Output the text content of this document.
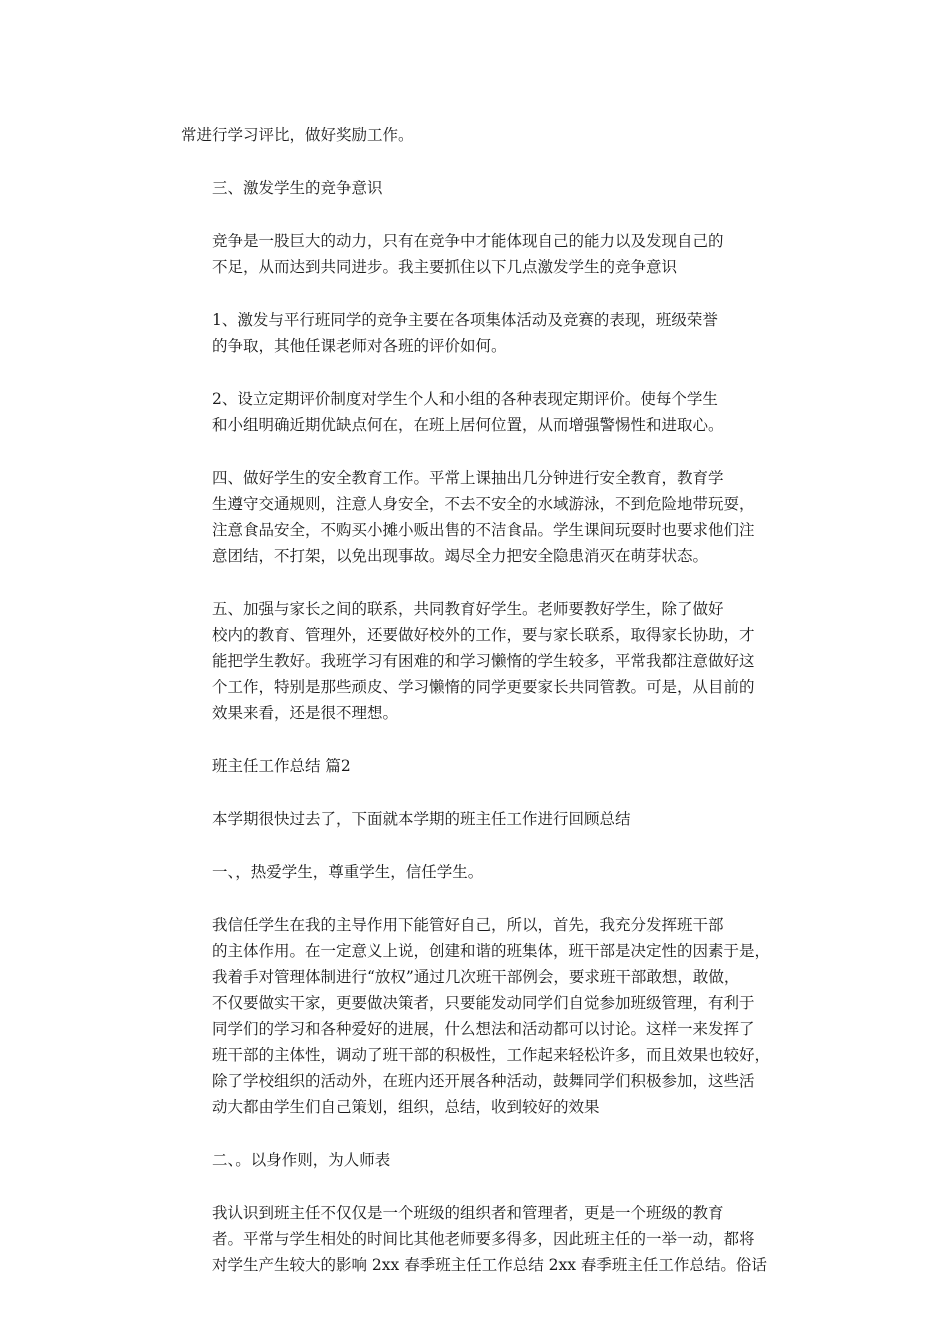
常进行学习评比，做好奖励工作。

三、激发学生的竞争意识

竞争是一股巨大的动力，只有在竞争中才能体现自己的能力以及发现自己的
不足，从而达到共同进步。我主要抓住以下几点激发学生的竞争意识

1、激发与平行班同学的竞争主要在各项集体活动及竞赛的表现，班级荣誉
的争取，其他任课老师对各班的评价如何。

2、设立定期评价制度对学生个人和小组的各种表现定期评价。使每个学生
和小组明确近期优缺点何在，在班上居何位置，从而增强警惕性和进取心。

四、做好学生的安全教育工作。平常上课抽出几分钟进行安全教育，教育学
生遵守交通规则，注意人身安全，不去不安全的水域游泳，不到危险地带玩耍，
注意食品安全，不购买小摊小贩出售的不洁食品。学生课间玩耍时也要求他们注
意团结，不打架，以免出现事故。竭尽全力把安全隐患消灭在萌芽状态。

五、加强与家长之间的联系，共同教育好学生。老师要教好学生，除了做好
校内的教育、管理外，还要做好校外的工作，要与家长联系，取得家长协助，才
能把学生教好。我班学习有困难的和学习懒惰的学生较多，平常我都注意做好这
个工作，特别是那些顽皮、学习懒惰的同学更要家长共同管教。可是，从目前的
效果来看，还是很不理想。

班主任工作总结 篇2

本学期很快过去了，下面就本学期的班主任工作进行回顾总结

一、，热爱学生，尊重学生，信任学生。

我信任学生在我的主导作用下能管好自己，所以，首先，我充分发挥班干部
的主体作用。在一定意义上说，创建和谐的班集体，班干部是决定性的因素于是，
我着手对管理体制进行“放权”通过几次班干部例会，要求班干部敢想，敢做，
不仅要做实干家，更要做决策者，只要能发动同学们自觉参加班级管理，有利于
同学们的学习和各种爱好的进展，什么想法和活动都可以讨论。这样一来发挥了
班干部的主体性，调动了班干部的积极性，工作起来轻松许多，而且效果也较好，
除了学校组织的活动外，在班内还开展各种活动，鼓舞同学们积极参加，这些活
动大都由学生们自己策划，组织，总结，收到较好的效果

二、。以身作则，为人师表

我认识到班主任不仅仅是一个班级的组织者和管理者，更是一个班级的教育
者。平常与学生相处的时间比其他老师要多得多，因此班主任的一举一动，都将
对学生产生较大的影响 2xx 春季班主任工作总结 2xx 春季班主任工作总结。俗话
